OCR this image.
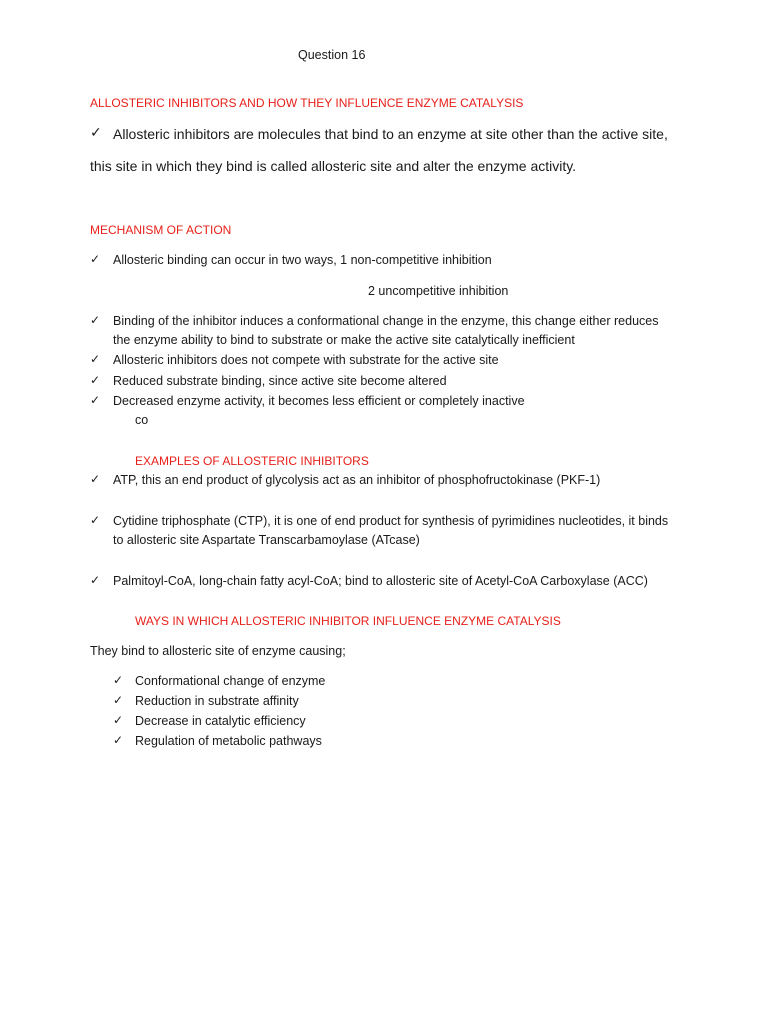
Question 16
ALLOSTERIC INHIBITORS AND HOW THEY INFLUENCE ENZYME CATALYSIS
✓ Allosteric inhibitors are molecules that bind to an enzyme at site other than the active site,
this site in which they bind is called allosteric site and alter the enzyme activity.
MECHANISM OF ACTION
✓ Allosteric binding can occur in two ways, 1 non-competitive inhibition
2 uncompetitive inhibition
✓ Binding of the inhibitor induces a conformational change in the enzyme, this change either reduces
the enzyme ability to bind to substrate or make the active site catalytically inefficient
✓ Allosteric inhibitors does not compete with substrate for the active site
✓ Reduced substrate binding, since active site become altered
✓ Decreased enzyme activity, it becomes less efficient or completely inactive
co
EXAMPLES OF ALLOSTERIC INHIBITORS
✓ ATP, this an end product of glycolysis act as an inhibitor of phosphofructokinase (PKF-1)
✓ Cytidine triphosphate (CTP), it is one of end product for synthesis of pyrimidines nucleotides, it binds
to allosteric site Aspartate Transcarbamoylase (ATcase)
✓ Palmitoyl-CoA, long-chain fatty acyl-CoA; bind to allosteric site of Acetyl-CoA Carboxylase (ACC)
WAYS IN WHICH ALLOSTERIC INHIBITOR INFLUENCE ENZYME CATALYSIS
They bind to allosteric site of enzyme causing;
✓ Conformational change of enzyme
✓ Reduction in substrate affinity
✓ Decrease in catalytic efficiency
✓ Regulation of metabolic pathways
